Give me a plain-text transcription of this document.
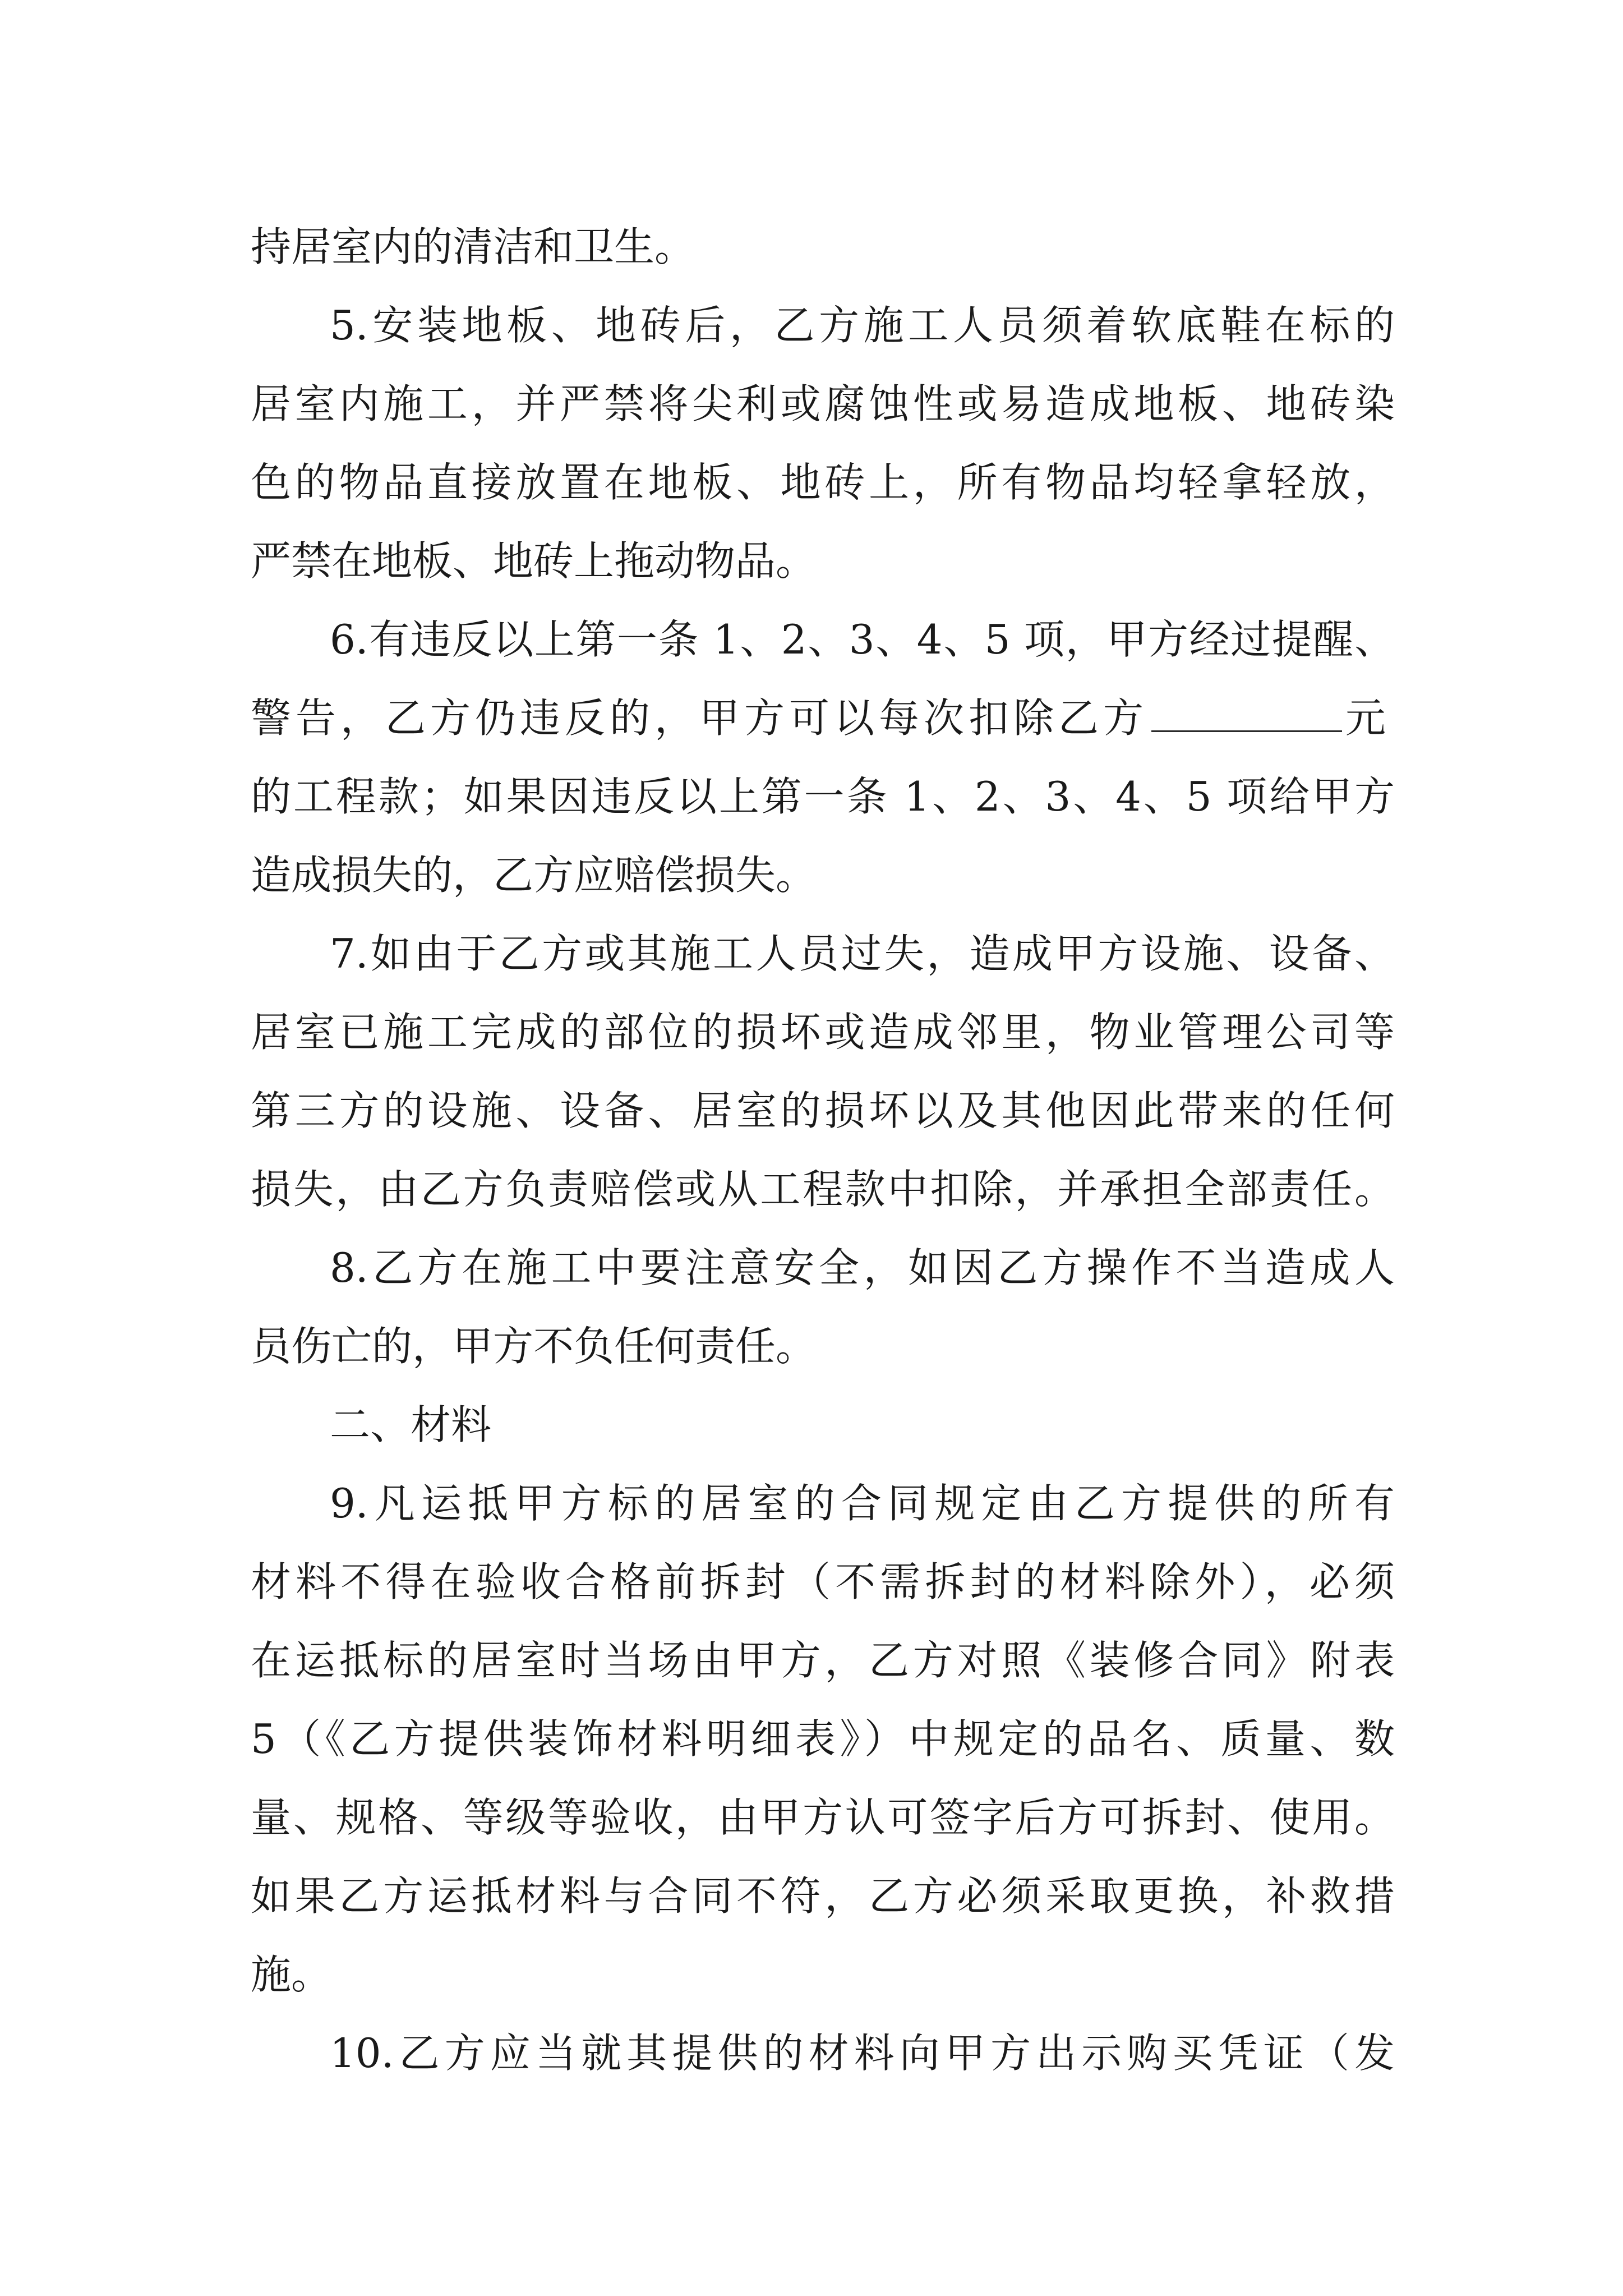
持居室内的清洁和卫生。
5.安装地板、地砖后，乙方施工人员须着软底鞋在标的
居室内施工，并严禁将尖利或腐蚀性或易造成地板、地砖染
色的物品直接放置在地板、地砖上，所有物品均轻拿轻放，
严禁在地板、地砖上拖动物品。
6.有违反以上第一条 1、2、3、4、5 项，甲方经过提醒、
警告，乙方仍违反的，甲方可以每次扣除乙方	元
的工程款；如果因违反以上第一条 1、2、3、4、5 项给甲方
造成损失的，乙方应赔偿损失。
7.如由于乙方或其施工人员过失，造成甲方设施、设备、
居室已施工完成的部位的损坏或造成邻里，物业管理公司等
第三方的设施、设备、居室的损坏以及其他因此带来的任何
损失，由乙方负责赔偿或从工程款中扣除，并承担全部责任。
8.乙方在施工中要注意安全，如因乙方操作不当造成人
员伤亡的，甲方不负任何责任。
二、材料
9.凡运抵甲方标的居室的合同规定由乙方提供的所有
材料不得在验收合格前拆封（不需拆封的材料除外），必须
在运抵标的居室时当场由甲方，乙方对照《装修合同》附表
5（《乙方提供装饰材料明细表》）中规定的品名、质量、数
量、规格、等级等验收，由甲方认可签字后方可拆封、使用。
如果乙方运抵材料与合同不符，乙方必须采取更换，补救措
施。
10.乙方应当就其提供的材料向甲方出示购买凭证（发
